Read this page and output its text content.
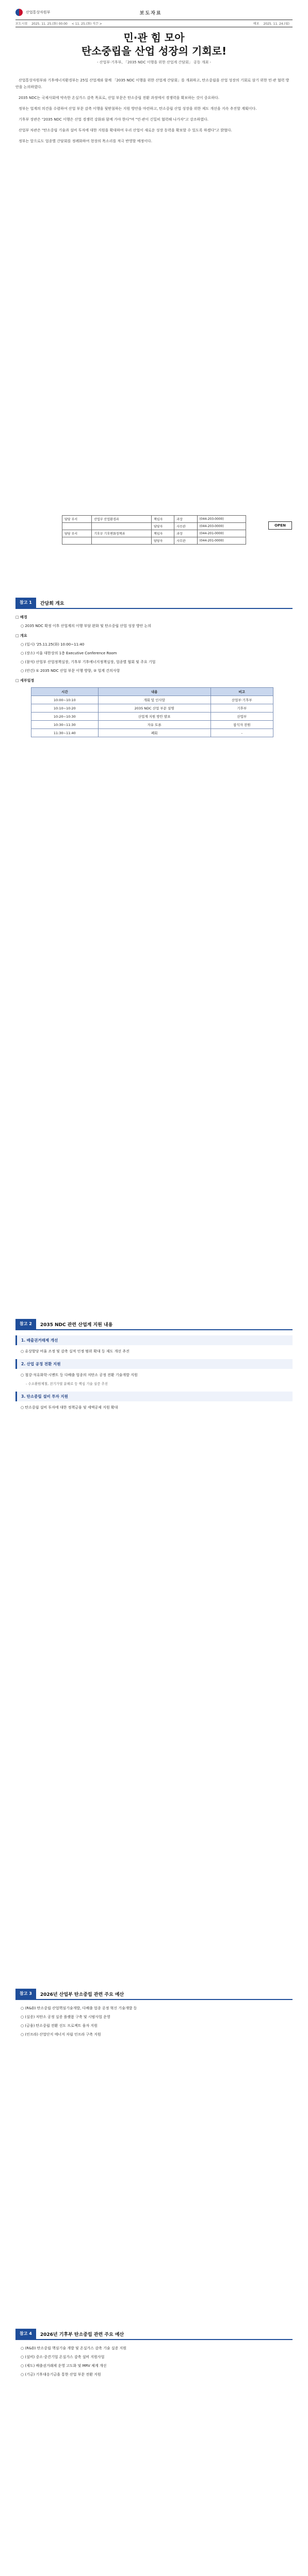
산업통상자원부	보도자료
보도시점 2025. 11. 25.(화) 00:00 < 11. 25.(화) 석간 >	배포 2025. 11. 24.(월)
민·관 힘 모아
탄소중립을 산업 성장의 기회로!
- 산업부·기후부, 「2035 NDC 이행을 위한 산업계 간담회」 공동 개최 -

산업통상자원부와 기후에너지환경부는 25일 산업계와 함께 「2035 NDC 이행을 위한 산업계 간담회」를 개최하고, 탄소중립을 산업 성장의 기회로 삼기 위한 민·관 협력 방안을 논의하였다.

2035 NDC는 국제사회에 약속한 온실가스 감축 목표로, 산업 부문은 탄소중립 전환 과정에서 경쟁력을 확보하는 것이 중요하다.

정부는 업계의 의견을 수렴하여 산업 부문 감축 이행을 뒷받침하는 지원 방안을 마련하고, 탄소중립 산업 성장을 위한 제도 개선을 지속 추진할 계획이다.

기후부 장관은 "2035 NDC 이행은 산업 경쟁력 강화와 함께 가야 한다"며 "민·관이 긴밀히 협력해 나가자"고 강조하였다.

산업부 차관은 "탄소중립 기술과 설비 투자에 대한 지원을 확대하여 우리 산업이 새로운 성장 동력을 확보할 수 있도록 하겠다"고 밝혔다.

정부는 앞으로도 업종별 간담회를 정례화하여 현장의 목소리를 적극 반영할 예정이다.

담당 부서	산업부 산업환경과	책임자	과장	(044-203-0000)
		담당자	사무관	(044-203-0000)
담당 부서	기후부 기후변화정책과	책임자	과장	(044-201-0000)
		담당자	사무관	(044-201-0000)
OPEN
참고 1	간담회 개요

□ 배경

○ 2035 NDC 확정 이후 산업계의 이행 부담 완화 및 탄소중립 산업 성장 방안 논의

□ 개요

○ (일시) '25.11.25(화) 10:00~11:40

○ (장소) 서울 대한상의 1층 Executive Conference Room

○ (참석) 산업부 산업정책실장, 기후부 기후에너지정책실장, 업종별 협회 및 주요 기업

○ (안건) ① 2035 NDC 산업 부문 이행 방향, ② 업계 건의사항

□ 세부일정

시간	내용	비고
10:00~10:10	개회 및 인사말	산업부·기후부
10:10~10:20	2035 NDC 산업 부문 설명	기후부
10:20~10:30	산업계 지원 방안 발표	산업부
10:30~11:30	자유 토론	참석자 전원
11:30~11:40	폐회	-
참고 2	2035 NDC 관련 산업계 지원 내용
1. 배출권거래제 개선

○ 유상할당 비율 조정 및 감축 실적 인정 범위 확대 등 제도 개선 추진

2. 산업 공정 전환 지원

○ 철강·석유화학·시멘트 등 다배출 업종의 저탄소 공정 전환 기술개발 지원

- 수소환원제철, 전기가열 분해로 등 핵심 기술 실증 추진

3. 탄소중립 설비 투자 지원

○ 탄소중립 설비 투자에 대한 정책금융 및 세액공제 지원 확대

참고 3	2026년 산업부 탄소중립 관련 주요 예산

○ (R&D) 탄소중립 산업핵심기술개발, 다배출 업종 공정 혁신 기술개발 등

○ (실증) 저탄소 공정 실증 플랫폼 구축 및 시범사업 운영

○ (금융) 탄소중립 전환 선도 프로젝트 융자 지원

○ (인프라) 산업단지 에너지 자립 인프라 구축 지원

참고 4	2026년 기후부 탄소중립 관련 주요 예산

○ (R&D) 탄소중립 핵심기술 개발 및 온실가스 감축 기술 실증 지원

○ (설비) 중소·중견기업 온실가스 감축 설비 지원사업

○ (제도) 배출권거래제 운영 고도화 및 MRV 체계 개선

○ (기금) 기후대응기금을 통한 산업 부문 전환 지원
